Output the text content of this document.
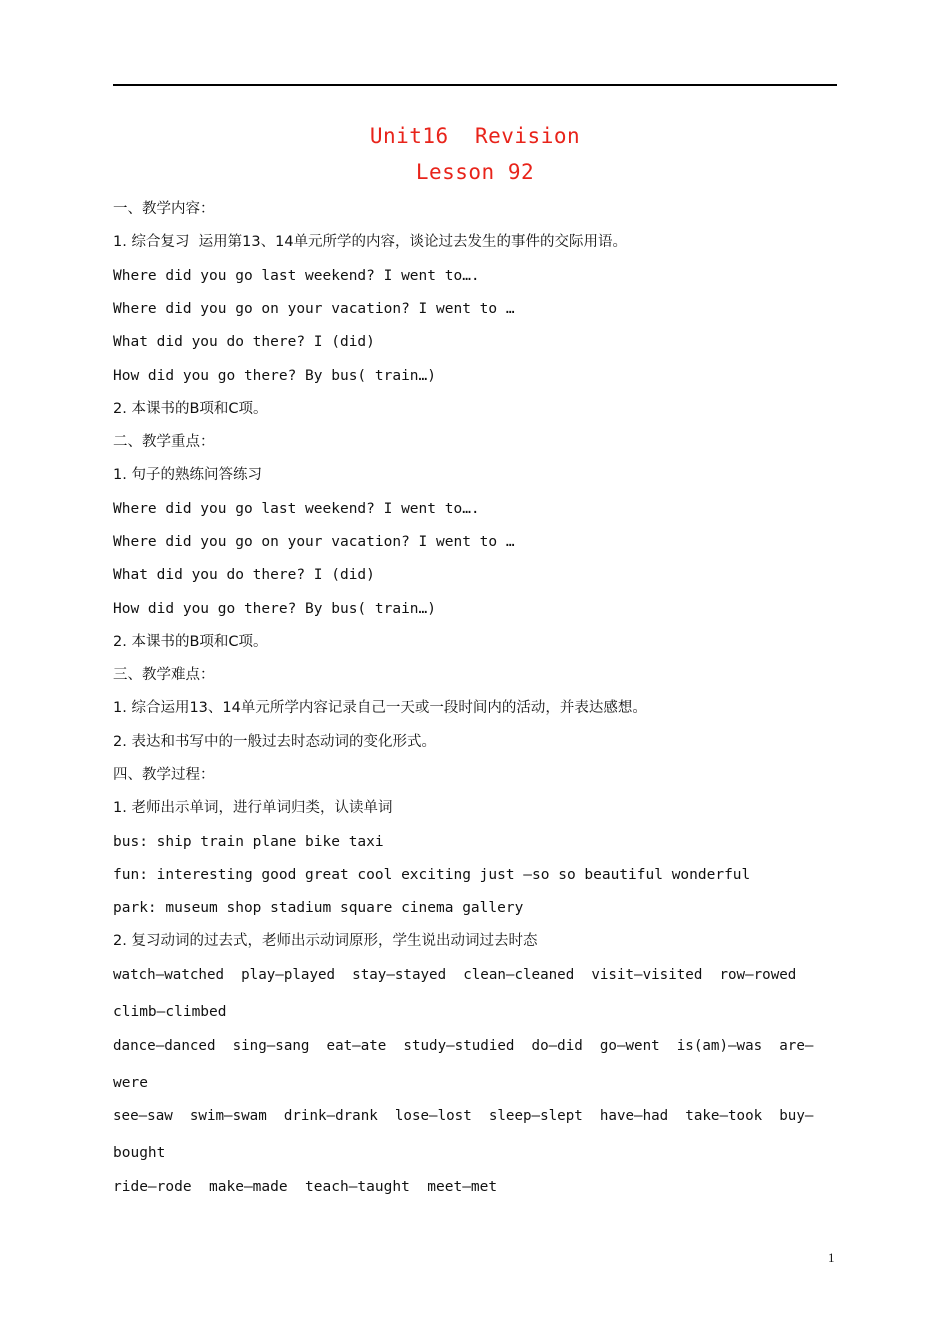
Unit16  Revision
Lesson 92
一、教学内容：
1. 综合复习  运用第13、14单元所学的内容，谈论过去发生的事件的交际用语。
Where did you go last weekend? I went to….
Where did you go on your vacation? I went to …
What did you do there? I (did)
How did you go there? By bus( train…)
2. 本课书的B项和C项。
二、教学重点：
1. 句子的熟练问答练习
Where did you go last weekend? I went to….
Where did you go on your vacation? I went to …
What did you do there? I (did)
How did you go there? By bus( train…)
2. 本课书的B项和C项。
三、教学难点：
1. 综合运用13、14单元所学内容记录自己一天或一段时间内的活动，并表达感想。
2. 表达和书写中的一般过去时态动词的变化形式。
四、教学过程：
1. 老师出示单词，进行单词归类，认读单词
bus: ship train plane bike taxi
fun: interesting good great cool exciting just –so so beautiful wonderful
park: museum shop stadium square cinema gallery
2. 复习动词的过去式，老师出示动词原形，学生说出动词过去时态
watch—watched  play—played  stay—stayed  clean—cleaned  visit—visited  row—rowed
climb—climbed
dance—danced  sing—sang  eat—ate  study—studied  do—did  go—went  is(am)—was  are—
were
see—saw  swim—swam  drink—drank  lose—lost  sleep—slept  have—had  take—took  buy—
bought
ride—rode  make—made  teach—taught  meet—met
1
